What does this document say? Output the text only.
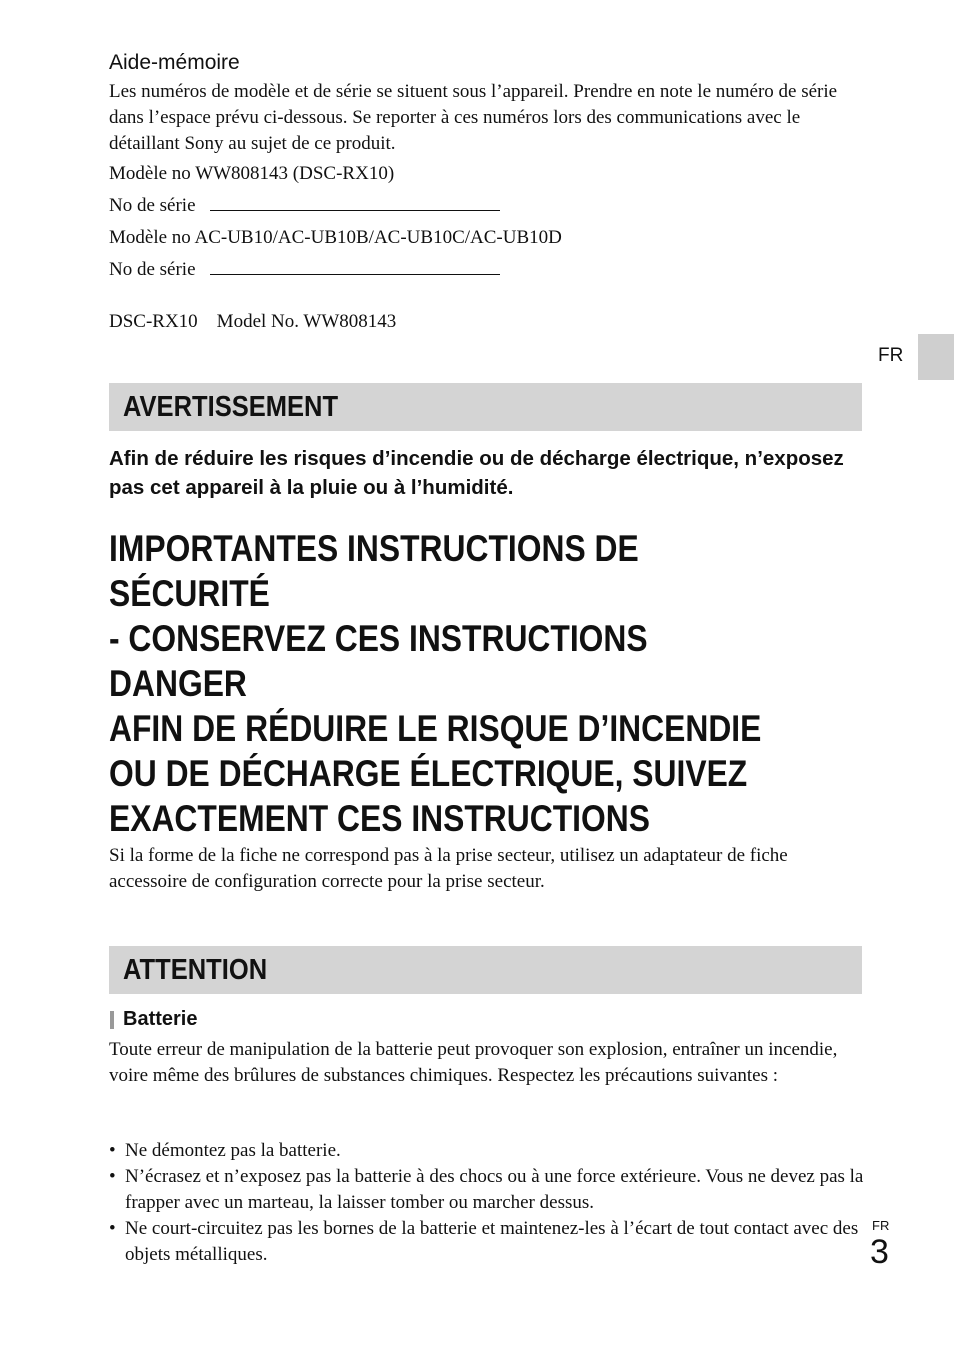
Aide-mémoire
Les numéros de modèle et de série se situent sous l’appareil. Prendre en note le numéro de série dans l’espace prévu ci-dessous. Se reporter à ces numéros lors des communications avec le détaillant Sony au sujet de ce produit.
Modèle no WW808143 (DSC-RX10)
No de série
Modèle no AC-UB10/AC-UB10B/AC-UB10C/AC-UB10D
No de série
DSC-RX10    Model No. WW808143
FR
AVERTISSEMENT
Afin de réduire les risques d’incendie ou de décharge électrique, n’exposez pas cet appareil à la pluie ou à l’humidité.
IMPORTANTES INSTRUCTIONS DE
SÉCURITÉ
- CONSERVEZ CES INSTRUCTIONS
DANGER
AFIN DE RÉDUIRE LE RISQUE D’INCENDIE
OU DE DÉCHARGE ÉLECTRIQUE, SUIVEZ
EXACTEMENT CES INSTRUCTIONS
Si la forme de la fiche ne correspond pas à la prise secteur, utilisez un adaptateur de fiche accessoire de configuration correcte pour la prise secteur.
ATTENTION
Batterie
Toute erreur de manipulation de la batterie peut provoquer son explosion, entraîner un incendie, voire même des brûlures de substances chimiques. Respectez les précautions suivantes :
• Ne démontez pas la batterie.
• N’écrasez et n’exposez pas la batterie à des chocs ou à une force extérieure. Vous ne devez pas la frapper avec un marteau, la laisser tomber ou marcher dessus.
• Ne court-circuitez pas les bornes de la batterie et maintenez-les à l’écart de tout contact avec des objets métalliques.
FR
3
